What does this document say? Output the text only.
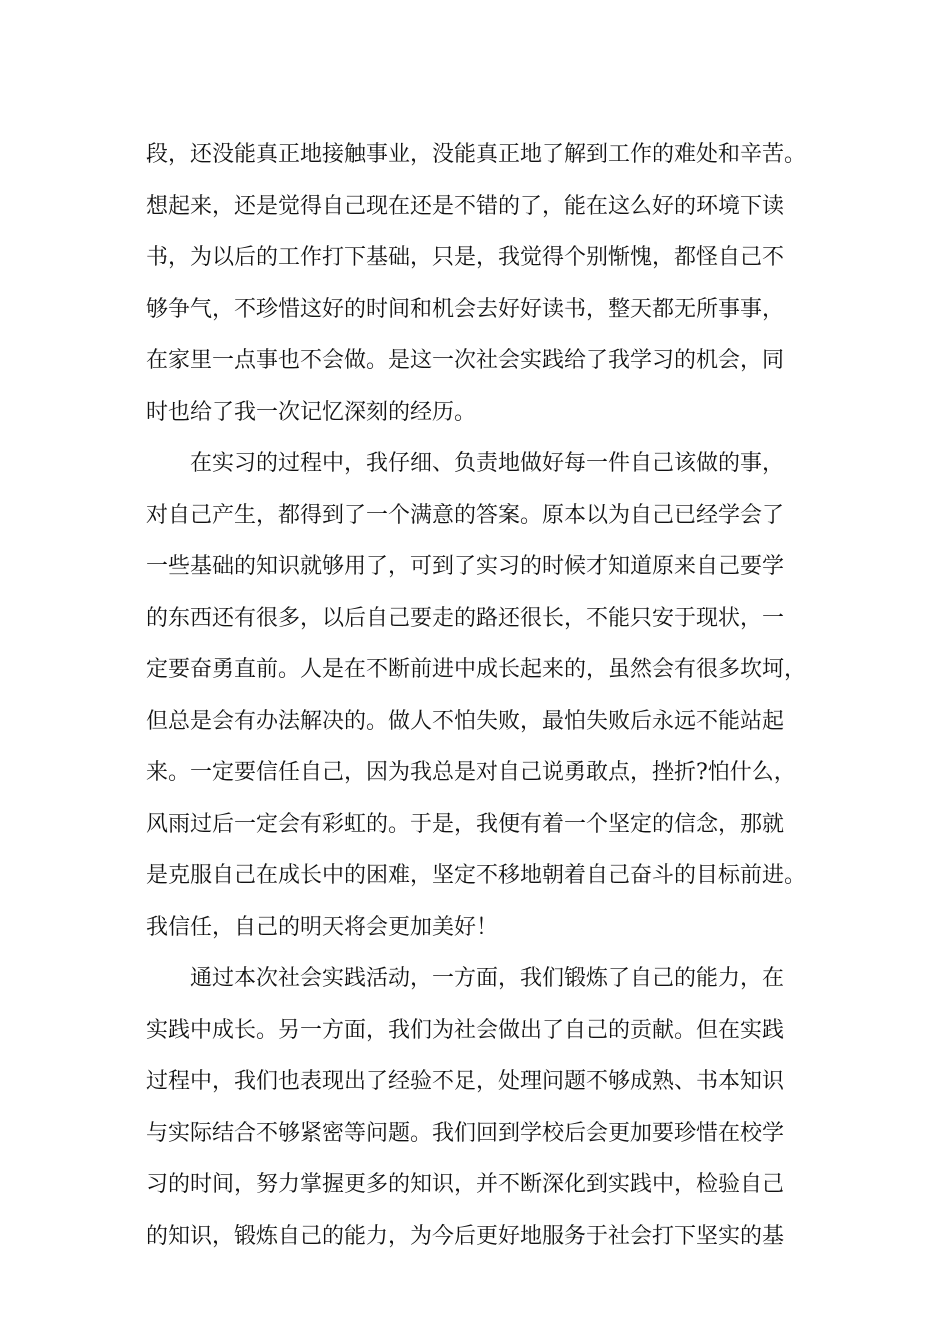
段，还没能真正地接触事业，没能真正地了解到工作的难处和辛苦。
想起来，还是觉得自己现在还是不错的了，能在这么好的环境下读
书，为以后的工作打下基础，只是，我觉得个别惭愧，都怪自己不
够争气，不珍惜这好的时间和机会去好好读书，整天都无所事事，
在家里一点事也不会做。是这一次社会实践给了我学习的机会，同
时也给了我一次记忆深刻的经历。
　　在实习的过程中，我仔细、负责地做好每一件自己该做的事，
对自己产生，都得到了一个满意的答案。原本以为自己已经学会了
一些基础的知识就够用了，可到了实习的时候才知道原来自己要学
的东西还有很多，以后自己要走的路还很长，不能只安于现状，一
定要奋勇直前。人是在不断前进中成长起来的，虽然会有很多坎坷，
但总是会有办法解决的。做人不怕失败，最怕失败后永远不能站起
来。一定要信任自己，因为我总是对自己说勇敢点，挫折?怕什么，
风雨过后一定会有彩虹的。于是，我便有着一个坚定的信念，那就
是克服自己在成长中的困难，坚定不移地朝着自己奋斗的目标前进。
我信任，自己的明天将会更加美好！
　　通过本次社会实践活动，一方面，我们锻炼了自己的能力，在
实践中成长。另一方面，我们为社会做出了自己的贡献。但在实践
过程中，我们也表现出了经验不足，处理问题不够成熟、书本知识
与实际结合不够紧密等问题。我们回到学校后会更加要珍惜在校学
习的时间，努力掌握更多的知识，并不断深化到实践中，检验自己
的知识，锻炼自己的能力，为今后更好地服务于社会打下坚实的基
